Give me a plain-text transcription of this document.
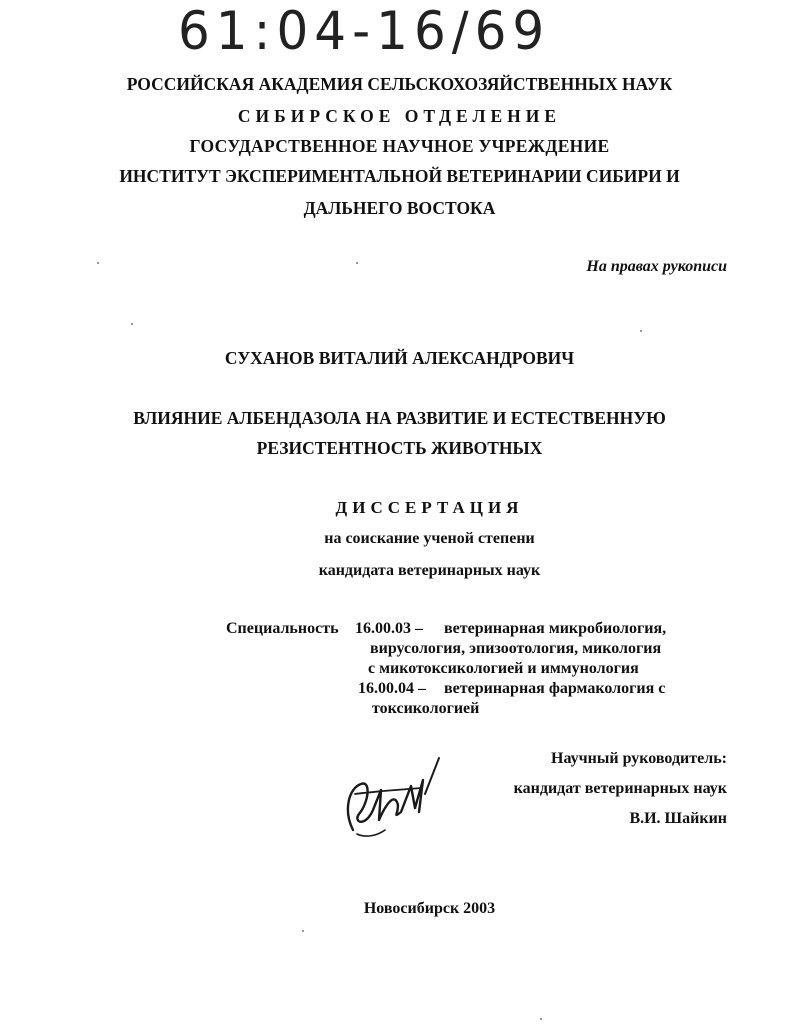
61:04-16/69
РОССИЙСКАЯ АКАДЕМИЯ СЕЛЬСКОХОЗЯЙСТВЕННЫХ НАУК
СИБИРСКОЕ ОТДЕЛЕНИЕ
ГОСУДАРСТВЕННОЕ НАУЧНОЕ УЧРЕЖДЕНИЕ
ИНСТИТУТ ЭКСПЕРИМЕНТАЛЬНОЙ ВЕТЕРИНАРИИ СИБИРИ И
ДАЛЬНЕГО ВОСТОКА
На правах рукописи
СУХАНОВ ВИТАЛИЙ АЛЕКСАНДРОВИЧ
ВЛИЯНИЕ АЛБЕНДАЗОЛА НА РАЗВИТИЕ И ЕСТЕСТВЕННУЮ
РЕЗИСТЕНТНОСТЬ ЖИВОТНЫХ
ДИССЕРТАЦИЯ
на соискание ученой степени
кандидата ветеринарных наук
Специальность 16.00.03 – ветеринарная микробиология,
вирусология, эпизоотология, микология
с микотоксикологией и иммунология
16.00.04 – ветеринарная фармакология с
токсикологией
Научный руководитель:
кандидат ветеринарных наук
В.И. Шайкин
Новосибирск 2003
